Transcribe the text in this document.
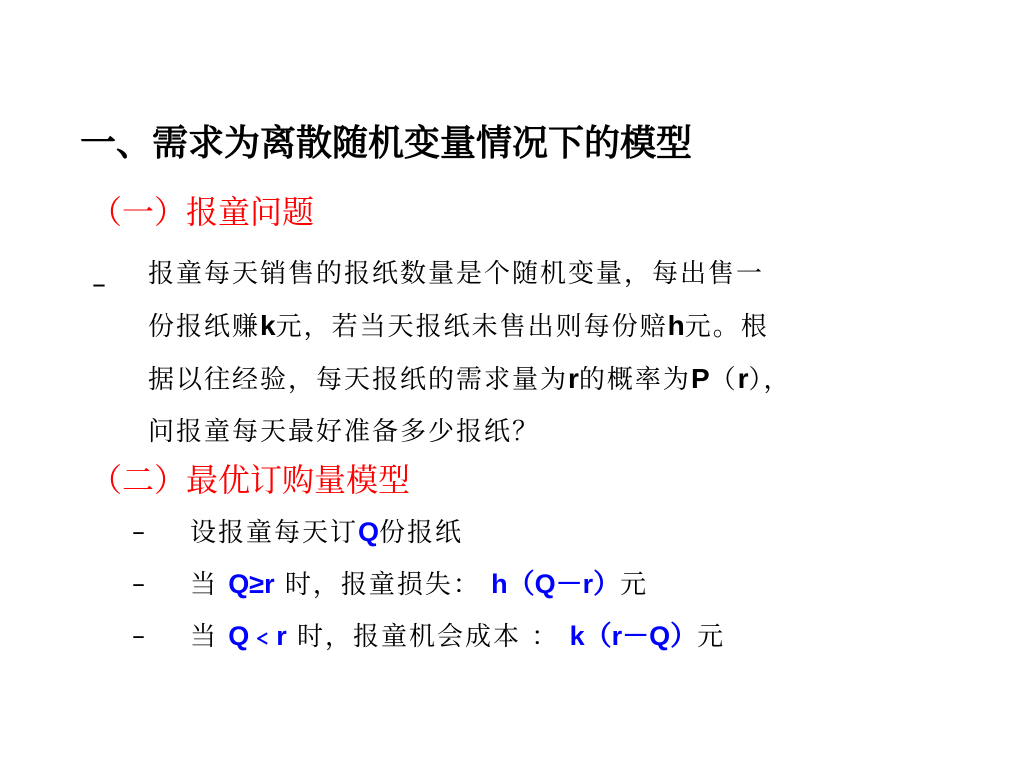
一、需求为离散随机变量情况下的模型
（一）报童问题
– 报童每天销售的报纸数量是个随机变量，每出售一

份报纸赚k元，若当天报纸未售出则每份赔h元。根

据以往经验，每天报纸的需求量为r的概率为P（r），

问报童每天最好准备多少报纸？

（二）最优订购量模型
–	设报童每天订Q份报纸
–	当 Q≥r 时，报童损失： h（Q－r）元
–	当 Q﹤r 时，报童机会成本 ： k（r－Q）元
